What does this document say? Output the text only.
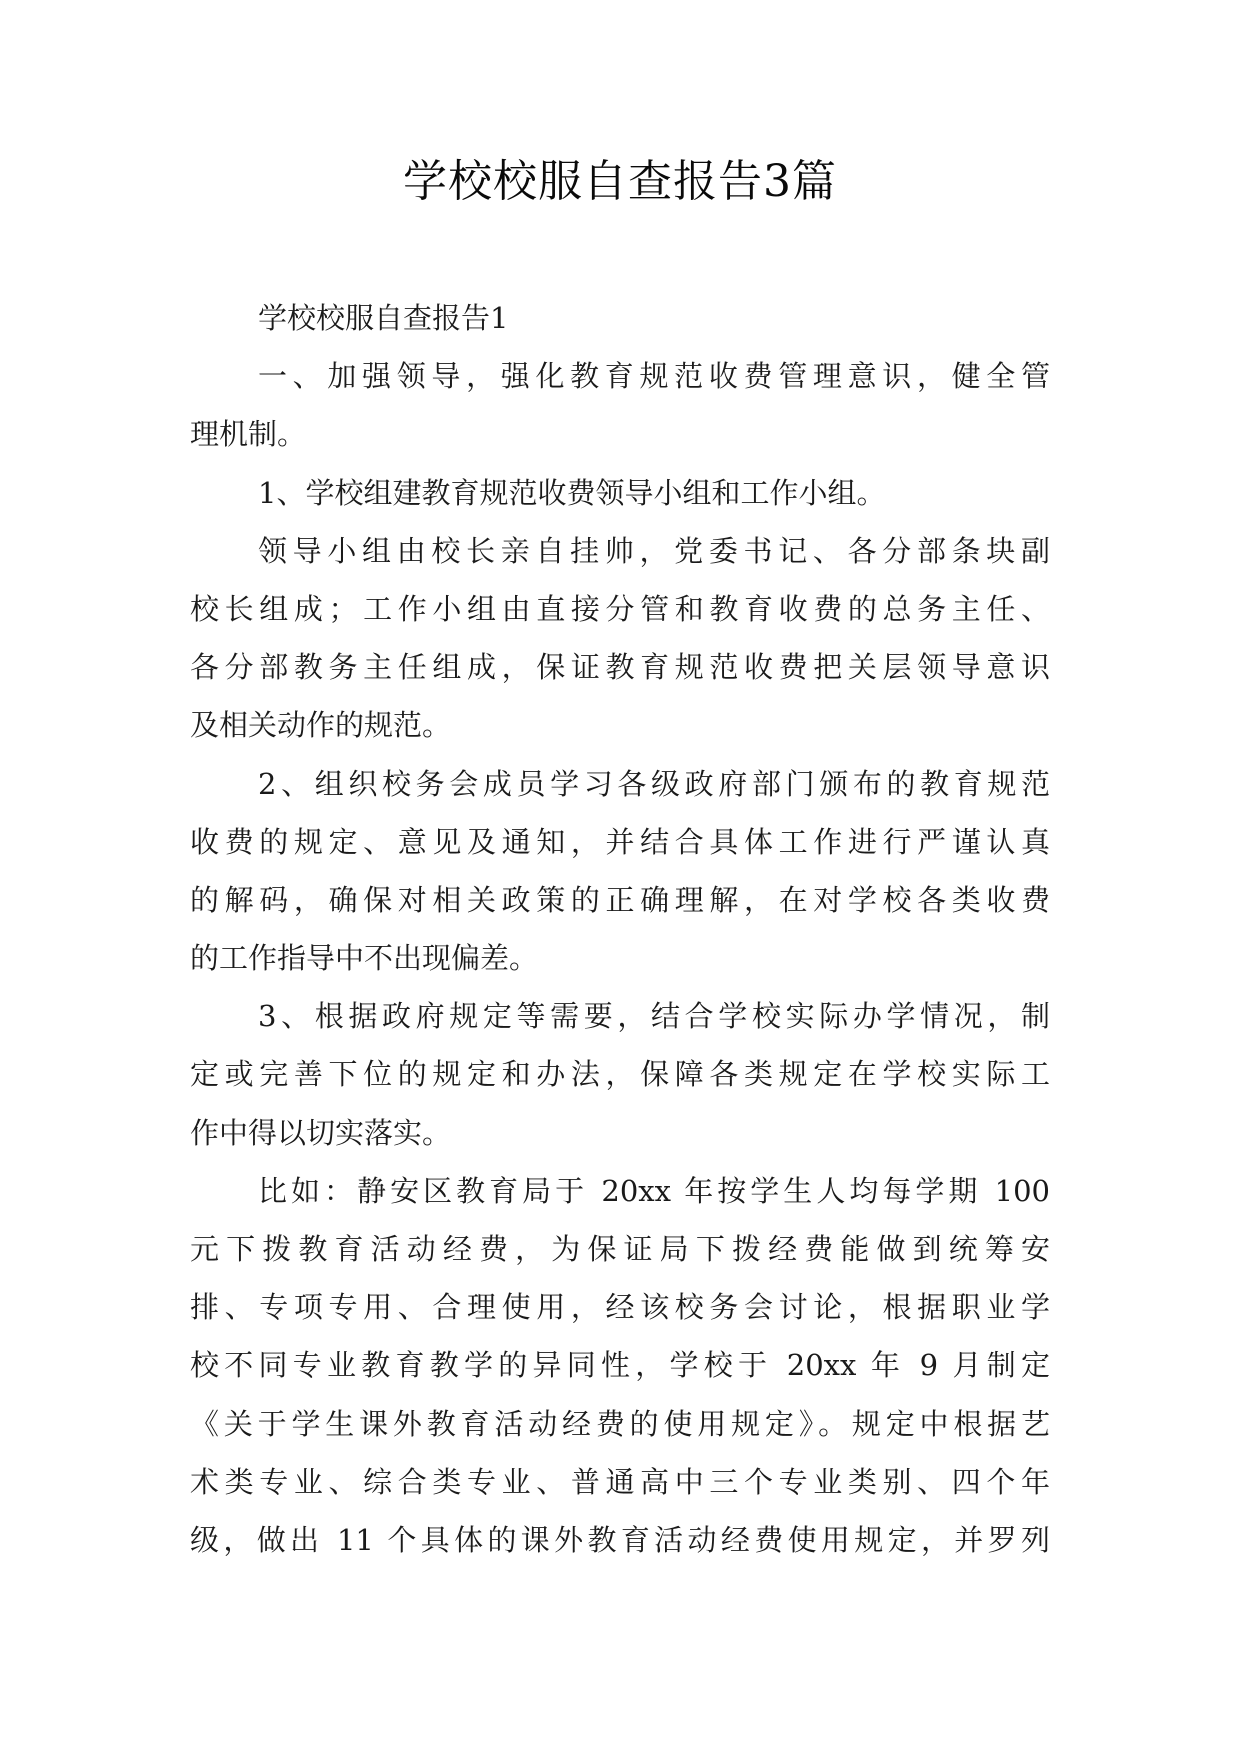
学校校服自查报告3篇
学校校服自查报告1
一、加强领导，强化教育规范收费管理意识，健全管
理机制。
1、学校组建教育规范收费领导小组和工作小组。
领导小组由校长亲自挂帅，党委书记、各分部条块副
校长组成；工作小组由直接分管和教育收费的总务主任、
各分部教务主任组成，保证教育规范收费把关层领导意识
及相关动作的规范。
2、组织校务会成员学习各级政府部门颁布的教育规范
收费的规定、意见及通知，并结合具体工作进行严谨认真
的解码，确保对相关政策的正确理解，在对学校各类收费
的工作指导中不出现偏差。
3、根据政府规定等需要，结合学校实际办学情况，制
定或完善下位的规定和办法，保障各类规定在学校实际工
作中得以切实落实。
比如：静安区教育局于 20xx 年按学生人均每学期 100
元下拨教育活动经费，为保证局下拨经费能做到统筹安
排、专项专用、合理使用，经该校务会讨论，根据职业学
校不同专业教育教学的异同性，学校于 20xx 年 9 月制定
《关于学生课外教育活动经费的使用规定》。规定中根据艺
术类专业、综合类专业、普通高中三个专业类别、四个年
级，做出 11 个具体的课外教育活动经费使用规定，并罗列
